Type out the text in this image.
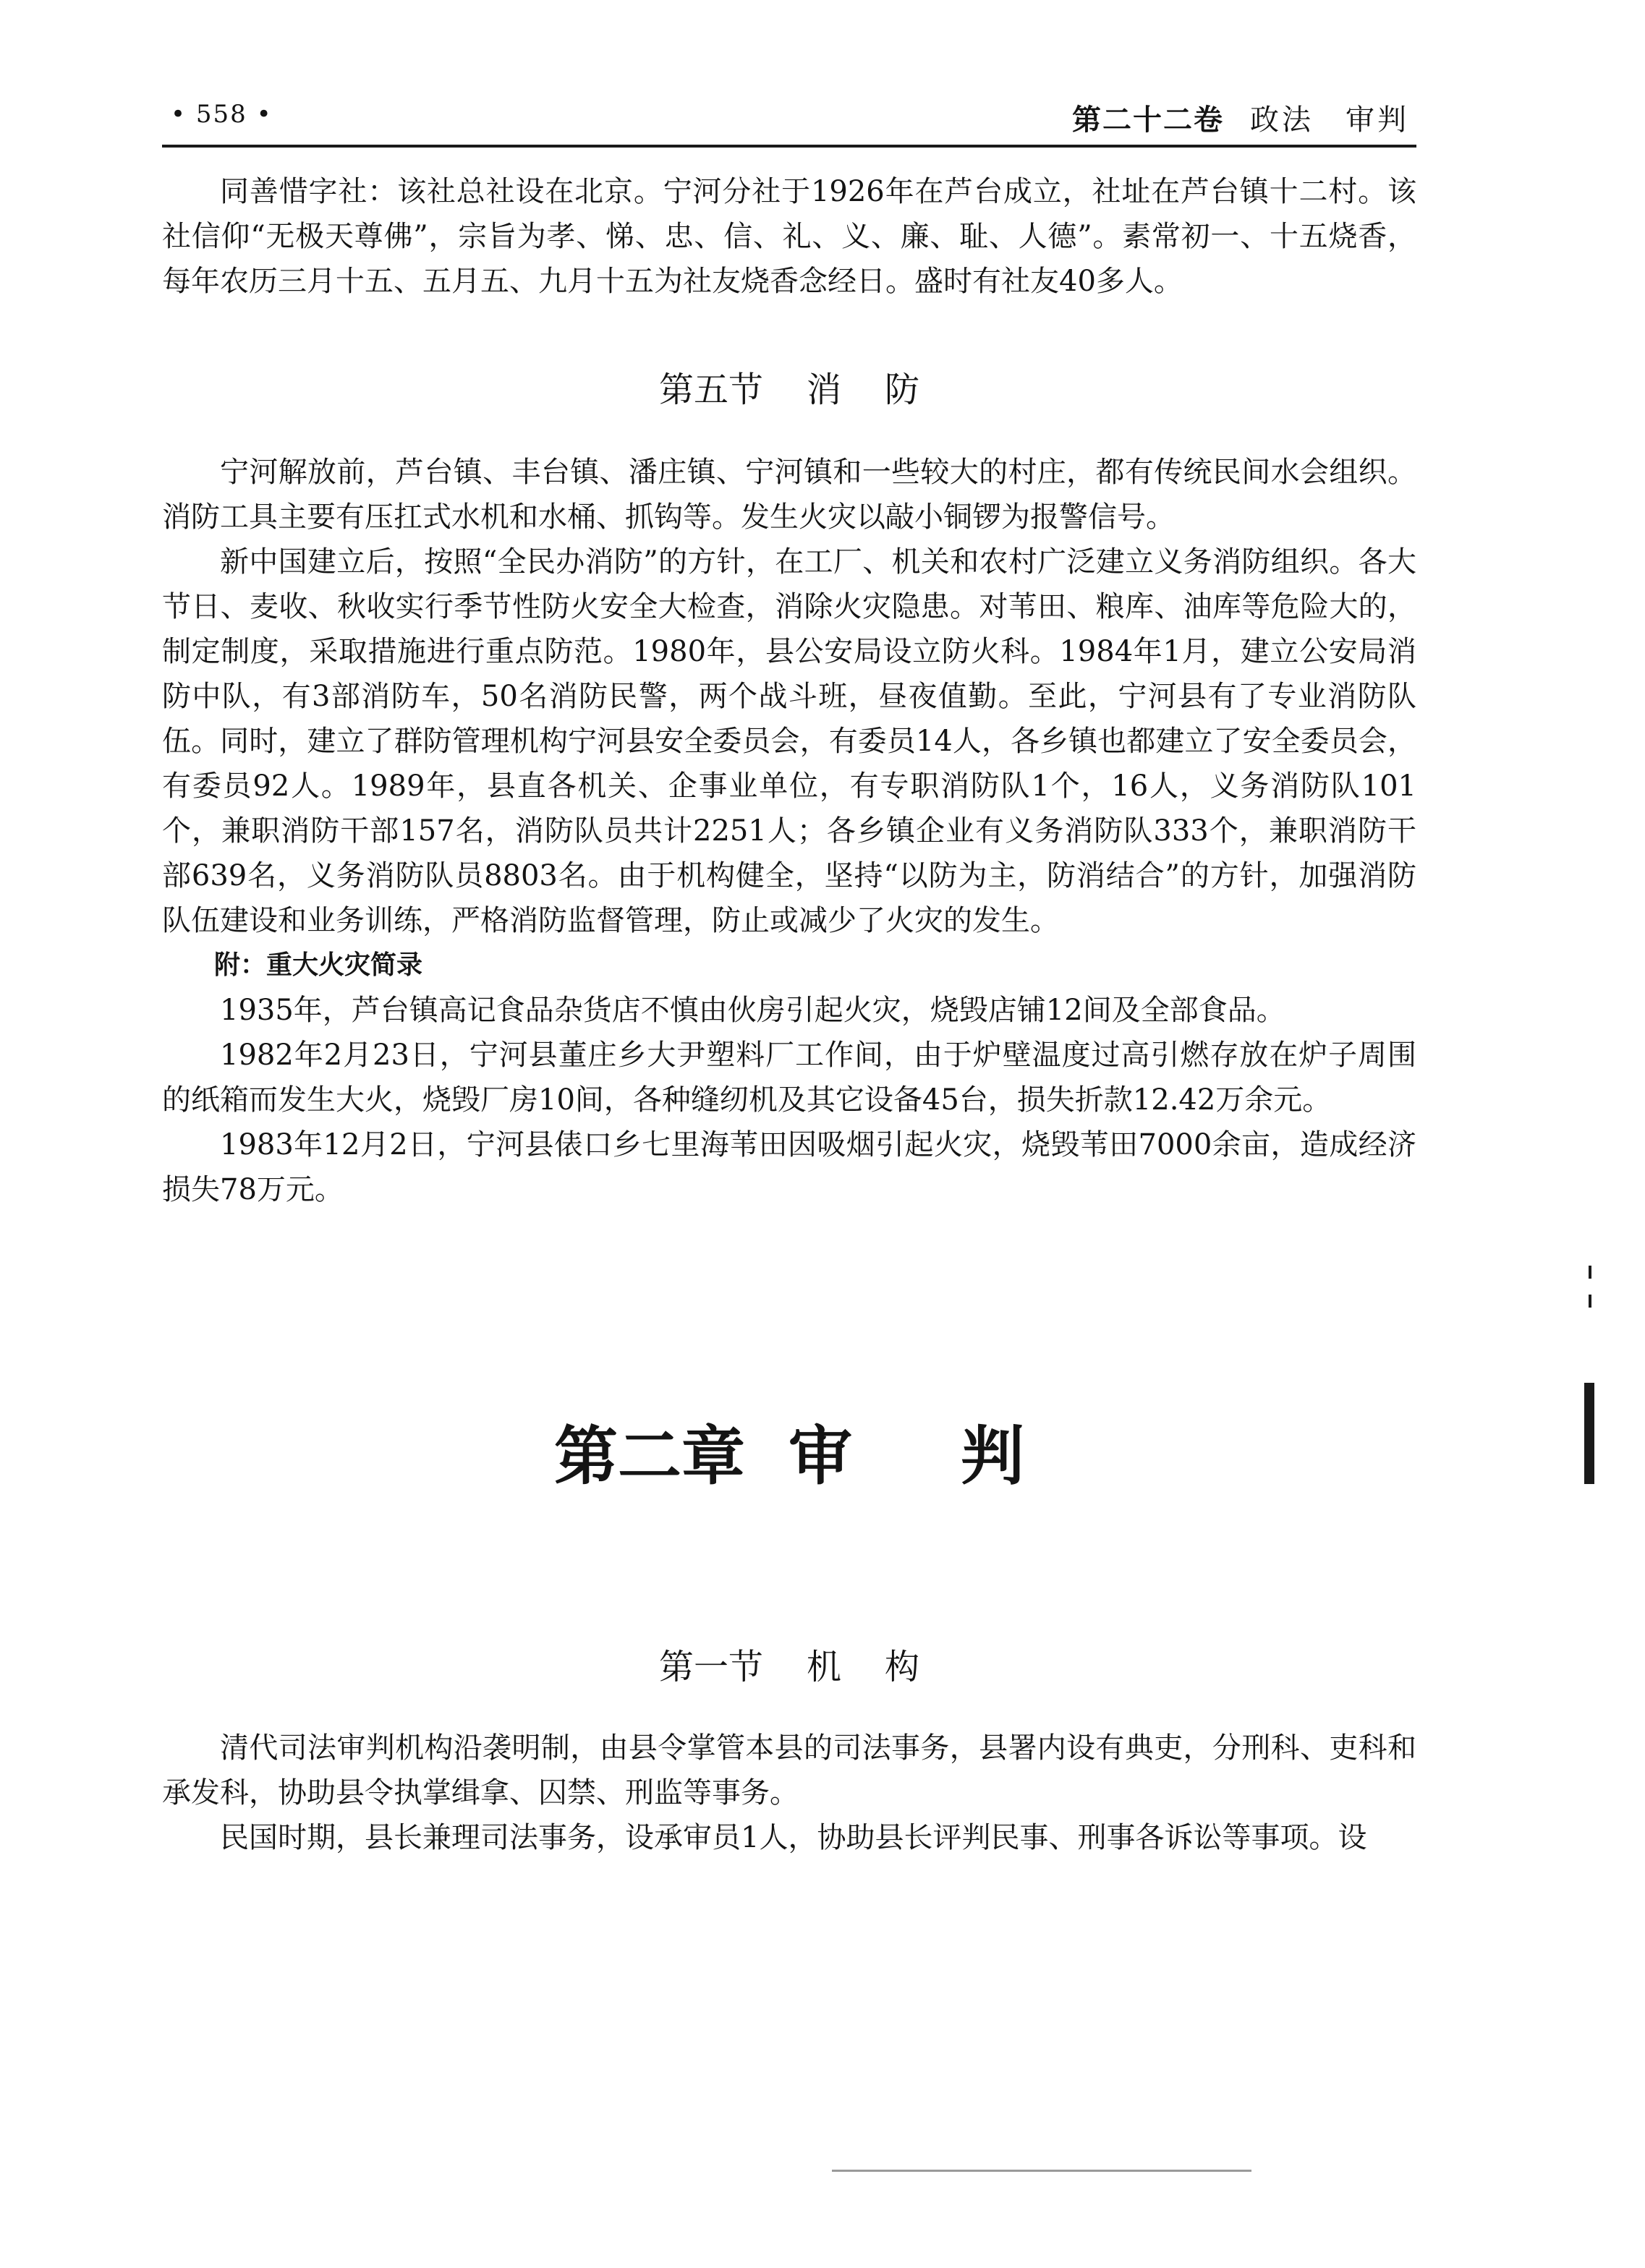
• 558 •	第二十二卷 政法　审判

同善惜字社：该社总社设在北京。宁河分社于1926年在芦台成立，社址在芦台镇十二村。该社信仰“无极天尊佛”，宗旨为孝、悌、忠、信、礼、义、廉、耻、人德”。素常初一、十五烧香，每年农历三月十五、五月五、九月十五为社友烧香念经日。盛时有社友40多人。

第五节 消 防

宁河解放前，芦台镇、丰台镇、潘庄镇、宁河镇和一些较大的村庄，都有传统民间水会组织。消防工具主要有压扛式水机和水桶、抓钩等。发生火灾以敲小铜锣为报警信号。

新中国建立后，按照“全民办消防”的方针，在工厂、机关和农村广泛建立义务消防组织。各大节日、麦收、秋收实行季节性防火安全大检查，消除火灾隐患。对苇田、粮库、油库等危险大的，制定制度，采取措施进行重点防范。1980年，县公安局设立防火科。1984年1月，建立公安局消防中队，有3部消防车，50名消防民警，两个战斗班，昼夜值勤。至此，宁河县有了专业消防队伍。同时，建立了群防管理机构宁河县安全委员会，有委员14人，各乡镇也都建立了安全委员会，有委员92人。1989年，县直各机关、企事业单位，有专职消防队1个，16人，义务消防队101个，兼职消防干部157名，消防队员共计2251人；各乡镇企业有义务消防队333个，兼职消防干部639名，义务消防队员8803名。由于机构健全，坚持“以防为主，防消结合”的方针，加强消防队伍建设和业务训练，严格消防监督管理，防止或减少了火灾的发生。

附：重大火灾简录

1935年，芦台镇高记食品杂货店不慎由伙房引起火灾，烧毁店铺12间及全部食品。

1982年2月23日，宁河县董庄乡大尹塑料厂工作间，由于炉壁温度过高引燃存放在炉子周围的纸箱而发生大火，烧毁厂房10间，各种缝纫机及其它设备45台，损失折款12.42万余元。

1983年12月2日，宁河县俵口乡七里海苇田因吸烟引起火灾，烧毁苇田7000余亩，造成经济损失78万元。

第二章 审 判
第一节 机 构

清代司法审判机构沿袭明制，由县令掌管本县的司法事务，县署内设有典吏，分刑科、吏科和承发科，协助县令执掌缉拿、囚禁、刑监等事务。

民国时期，县长兼理司法事务，设承审员1人，协助县长评判民事、刑事各诉讼等事项。设
